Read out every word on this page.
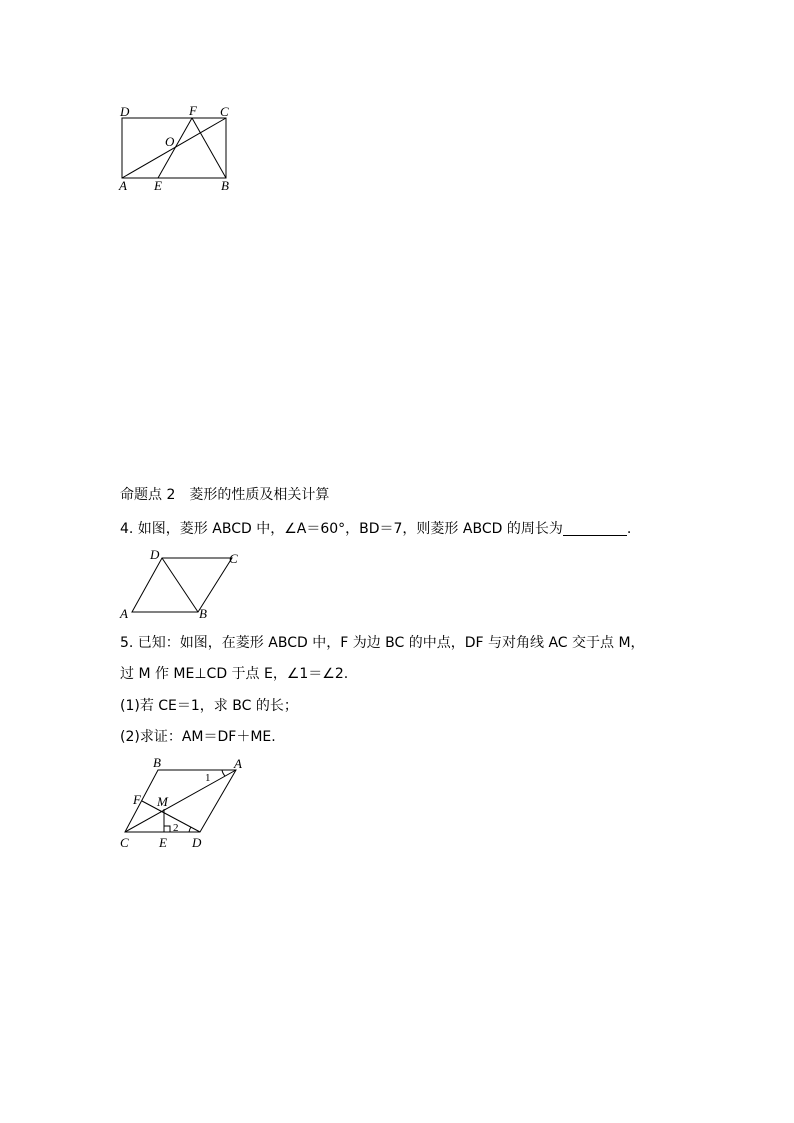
D	F C
O
A E	B
命题点 2　菱形的性质及相关计算
4. 如图，菱形 ABCD 中，∠A＝60°，BD＝7，则菱形 ABCD 的周长为	.
D	C
A	B
5. 已知：如图，在菱形 ABCD 中，F 为边 BC 的中点，DF 与对角线 AC 交于点 M，
过 M 作 ME⊥CD 于点 E，∠1＝∠2.
(1)若 CE＝1，求 BC 的长；
(2)求证：AM＝DF＋ME.
B	A
1
F M
2
C E D
